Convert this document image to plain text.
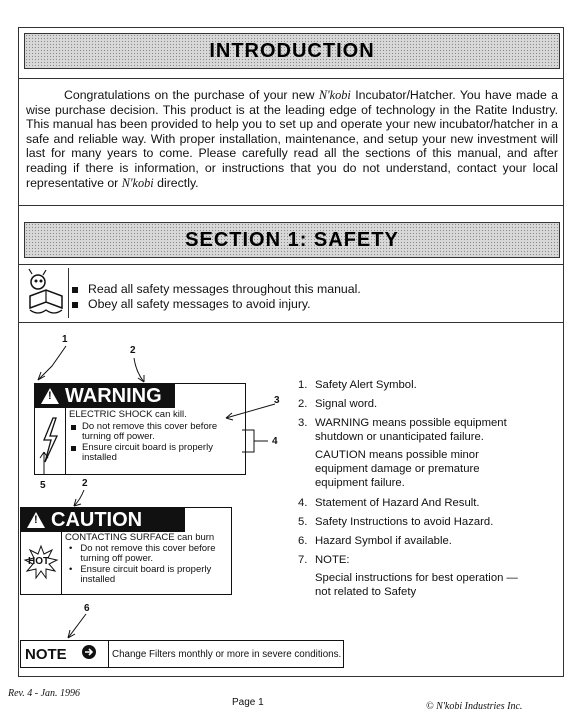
INTRODUCTION

Congratulations on the purchase of your new N'kobi Incubator/Hatcher. You have made a wise purchase decision. This product is at the leading edge of technology in the Ratite Industry. This manual has been provided to help you to set up and operate your new incubator/hatcher in a safe and reliable way. With proper installation, maintenance, and setup your new investment will last for many years to come. Please carefully read all the sections of this manual, and after reading if there is information, or instructions that you do not understand, contact your local representative or N'kobi directly.

SECTION 1: SAFETY
Read all safety messages throughout this manual.
Obey all safety messages to avoid injury.
1
2
3
4
5	2
! WARNING
ELECTRIC SHOCK can kill.
Do not remove this cover before turning off power.
Ensure circuit board is properly installed
! CAUTION
HOT
CONTACTING SURFACE can burn
• Do not remove this cover before turning off power.
• Ensure circuit board is properly installed
1. Safety Alert Symbol.
2. Signal word.
3. WARNING means possible equipment shutdown or unanticipated failure.
CAUTION means possible minor equipment damage or premature equipment failure.
4. Statement of Hazard And Result.
5. Safety Instructions to avoid Hazard.
6. Hazard Symbol if available.
7. NOTE:
Special instructions for best operation — not related to Safety
6
NOTE	Change Filters monthly or more in severe conditions.
Rev. 4 - Jan. 1996
Page 1	© N'kobi Industries Inc.
